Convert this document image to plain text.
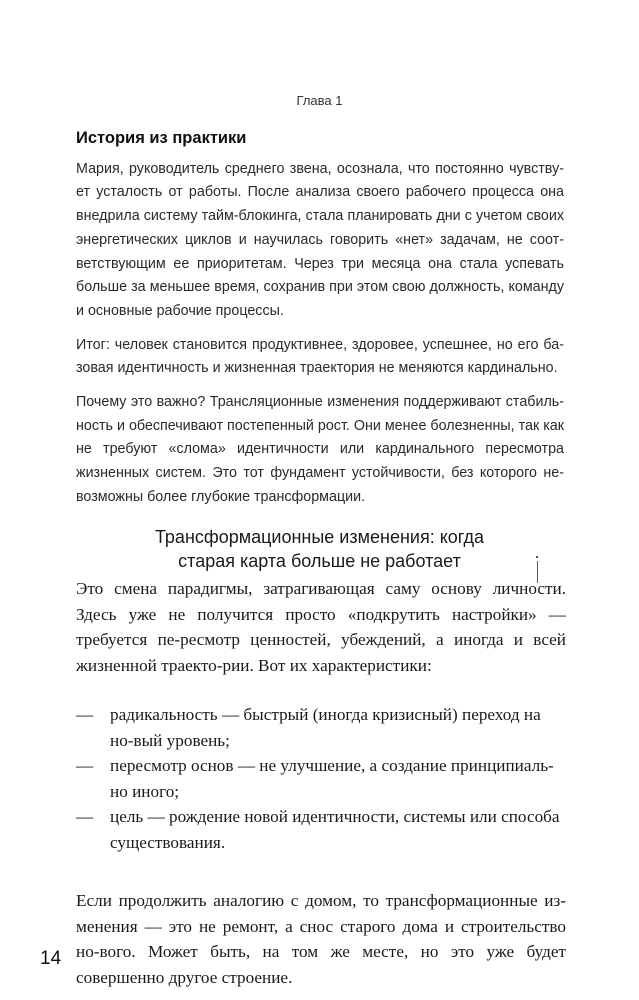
Глава 1
История из практики

Мария, руководитель среднего звена, осознала, что постоянно чувству-ет усталость от работы. После анализа своего рабочего процесса она внедрила систему тайм-блокинга, стала планировать дни с учетом своих энергетических циклов и научилась говорить «нет» задачам, не соот-ветствующим ее приоритетам. Через три месяца она стала успевать больше за меньшее время, сохранив при этом свою должность, команду и основные рабочие процессы.

Итог: человек становится продуктивнее, здоровее, успешнее, но его ба-зовая идентичность и жизненная траектория не меняются кардинально.

Почему это важно? Трансляционные изменения поддерживают стабиль-ность и обеспечивают постепенный рост. Они менее болезненны, так как не требуют «слома» идентичности или кардинального пересмотра жизненных систем. Это тот фундамент устойчивости, без которого не-возможны более глубокие трансформации.

Трансформационные изменения: когда
старая карта больше не работает

Это смена парадигмы, затрагивающая саму основу личности. Здесь уже не получится просто «подкрутить настройки» — требуется пе-ресмотр ценностей, убеждений, а иногда и всей жизненной траекто-рии. Вот их характеристики:

— радикальность — быстрый (иногда кризисный) переход на но-вый уровень;
— пересмотр основ — не улучшение, а создание принципиаль-но иного;
— цель — рождение новой идентичности, системы или способа существования.

Если продолжить аналогию с домом, то трансформационные из-менения — это не ремонт, а снос старого дома и строительство но-вого. Может быть, на том же месте, но это уже будет совершенно другое строение.

14
